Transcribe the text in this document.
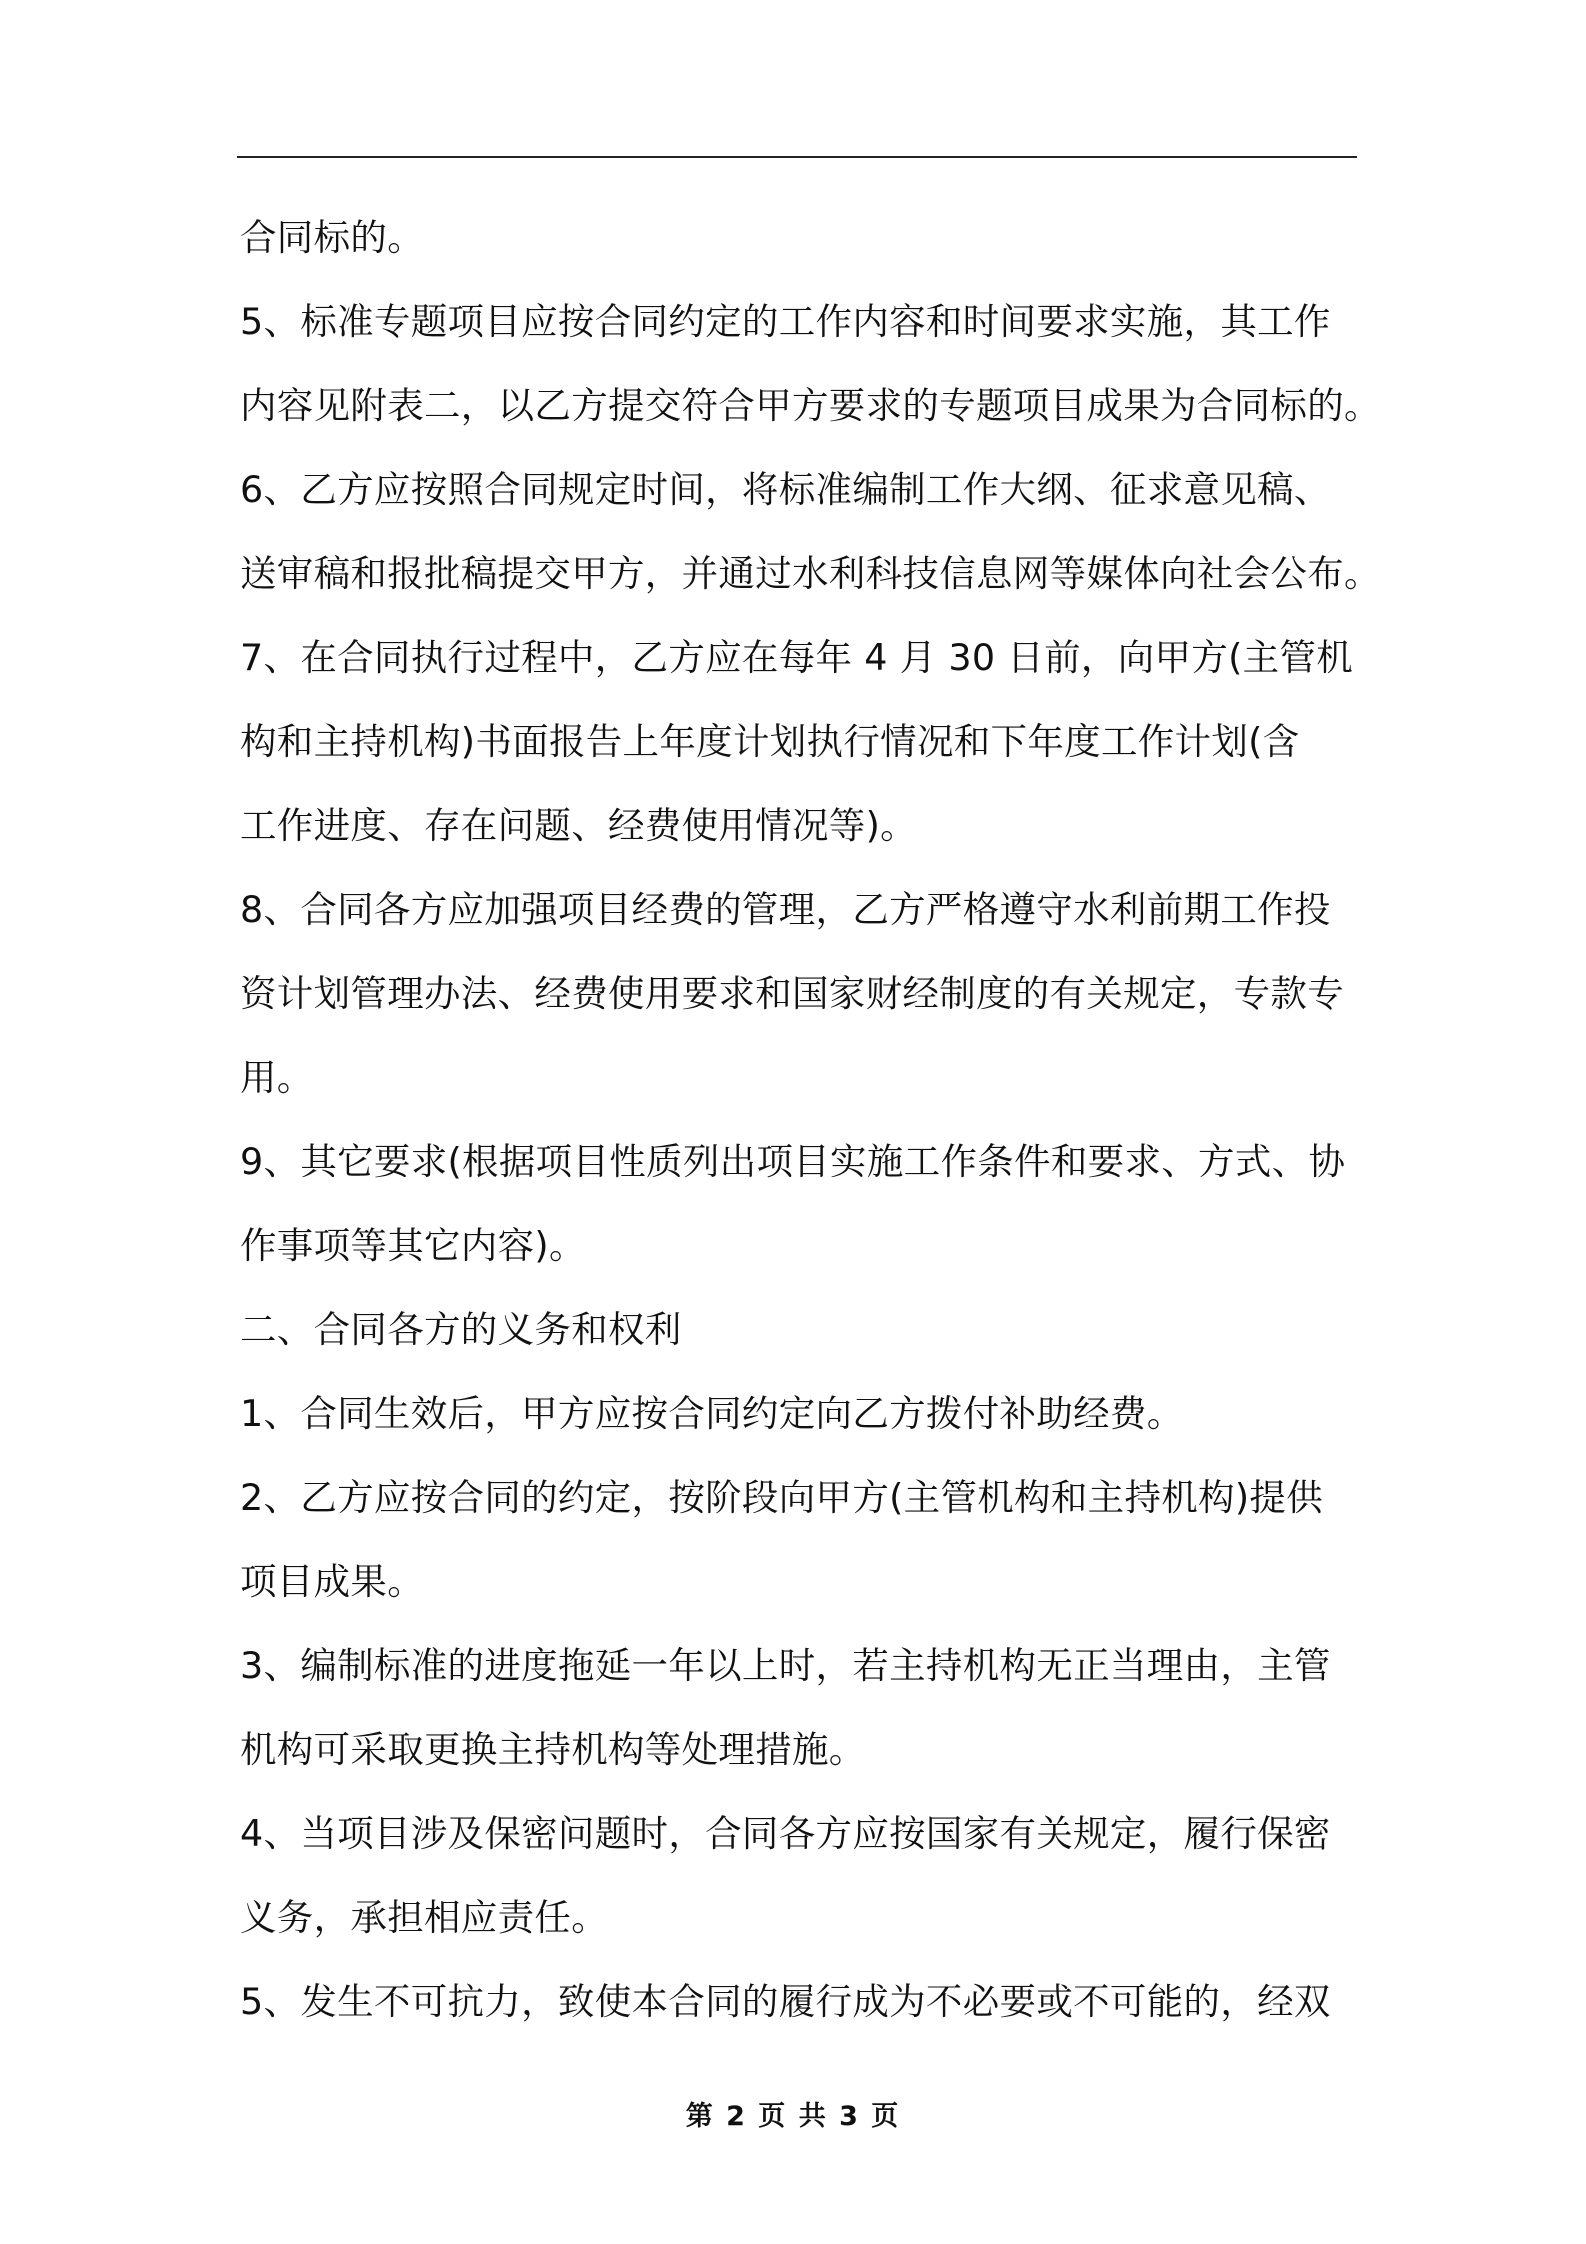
合同标的。
5、标准专题项目应按合同约定的工作内容和时间要求实施，其工作
内容见附表二，以乙方提交符合甲方要求的专题项目成果为合同标的。
6、乙方应按照合同规定时间，将标准编制工作大纲、征求意见稿、
送审稿和报批稿提交甲方，并通过水利科技信息网等媒体向社会公布。
7、在合同执行过程中，乙方应在每年 4 月 30 日前，向甲方(主管机
构和主持机构)书面报告上年度计划执行情况和下年度工作计划(含
工作进度、存在问题、经费使用情况等)。
8、合同各方应加强项目经费的管理，乙方严格遵守水利前期工作投
资计划管理办法、经费使用要求和国家财经制度的有关规定，专款专
用。
9、其它要求(根据项目性质列出项目实施工作条件和要求、方式、协
作事项等其它内容)。
二、合同各方的义务和权利
1、合同生效后，甲方应按合同约定向乙方拨付补助经费。
2、乙方应按合同的约定，按阶段向甲方(主管机构和主持机构)提供
项目成果。
3、编制标准的进度拖延一年以上时，若主持机构无正当理由，主管
机构可采取更换主持机构等处理措施。
4、当项目涉及保密问题时，合同各方应按国家有关规定，履行保密
义务，承担相应责任。
5、发生不可抗力，致使本合同的履行成为不必要或不可能的，经双
第 2 页 共 3 页
